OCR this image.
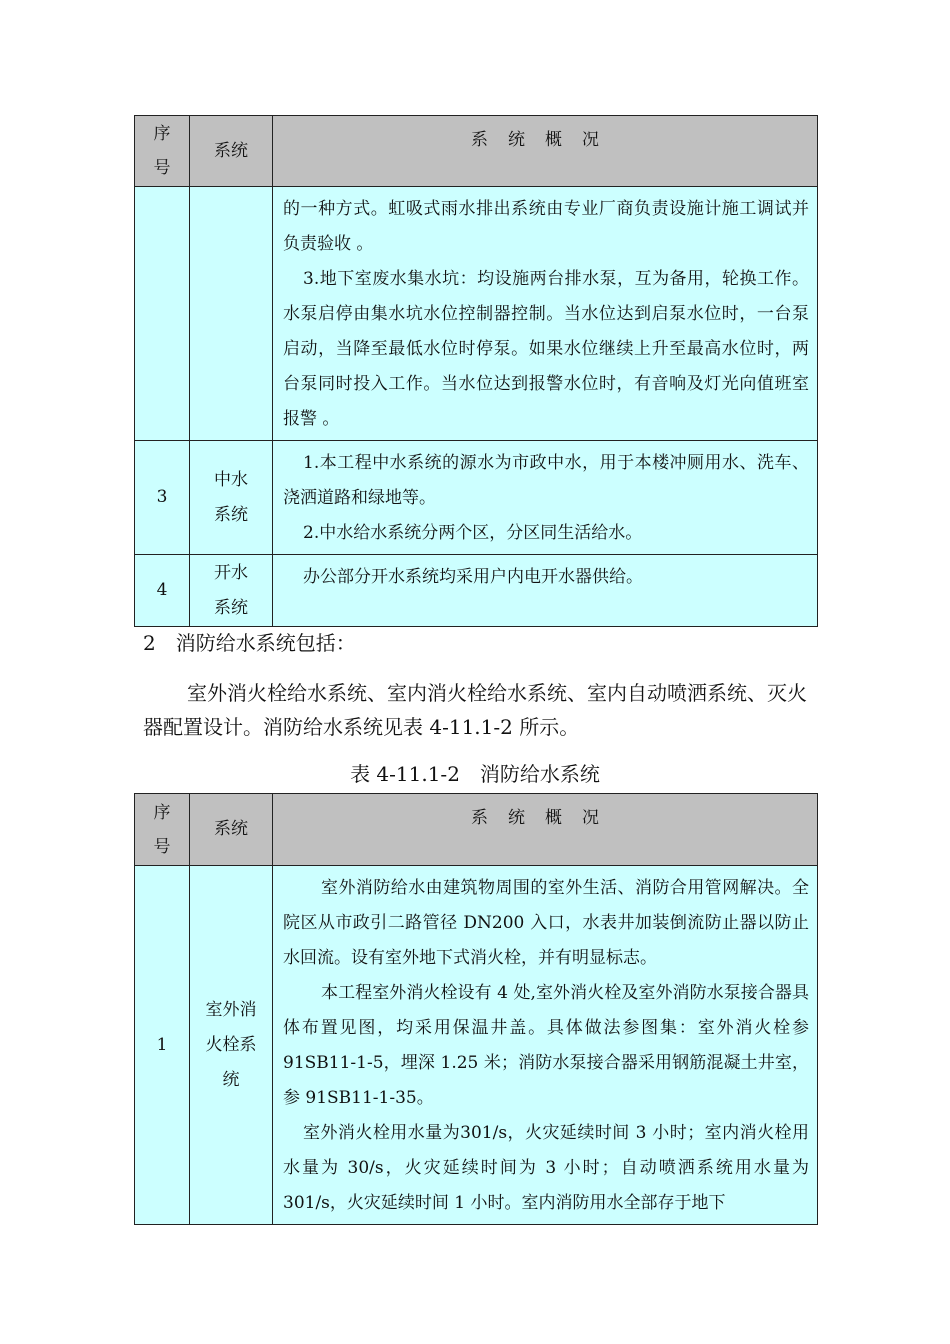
序号	系统	系统概况

		的一种方式。虹吸式雨水排出系统由专业厂商负责设施计施工调试并负责验收 。

3.地下室废水集水坑：均设施两台排水泵，互为备用，轮换工作。水泵启停由集水坑水位控制器控制。当水位达到启泵水位时，一台泵启动，当降至最低水位时停泵。如果水位继续上升至最高水位时，两台泵同时投入工作。当水位达到报警水位时，有音响及灯光向值班室报警 。

3	中水系统	1.本工程中水系统的源水为市政中水，用于本楼冲厕用水、洗车、浇洒道路和绿地等。

2.中水给水系统分两个区，分区同生活给水。

4	开水系统	办公部分开水系统均采用户内电开水器供给。

2　消防给水系统包括：

室外消火栓给水系统、室内消火栓给水系统、室内自动喷洒系统、灭火器配置设计。消防给水系统见表 4-11.1-2 所示。

表 4-11.1-2　消防给水系统

序号	系统	系统概况
1	室外消火栓系统	室外消防给水由建筑物周围的室外生活、消防合用管网解决。全院区从市政引二路管径 DN200 入口，水表井加装倒流防止器以防止水回流。设有室外地下式消火栓，并有明显标志。

本工程室外消火栓设有 4 处,室外消火栓及室外消防水泵接合器具体布置见图，均采用保温井盖。具体做法参图集：室外消火栓参 91SB11-1-5，埋深 1.25 米；消防水泵接合器采用钢筋混凝土井室，参 91SB11-1-35。

室外消火栓用水量为301/s，火灾延续时间 3 小时；室内消火栓用水量为 30/s，火灾延续时间为 3 小时；自动喷洒系统用水量为 301/s，火灾延续时间 1 小时。室内消防用水全部存于地下
